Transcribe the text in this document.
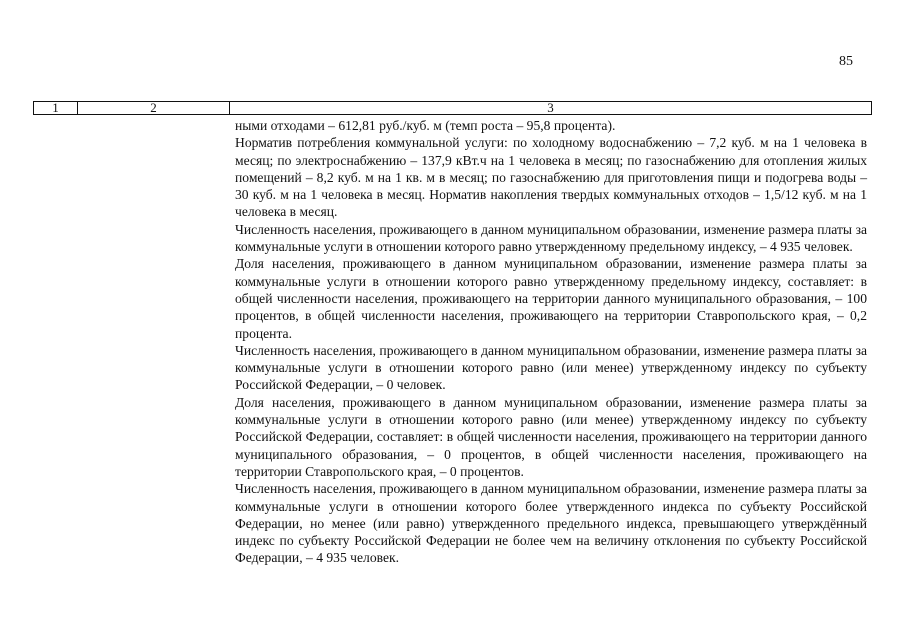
85
1	2	3

ными отходами – 612,81 руб./куб. м (темп роста – 95,8 процента).

Норматив потребления коммунальной услуги: по холодному водоснабжению – 7,2 куб. м на 1 человека в месяц; по электроснабжению – 137,9 кВт.ч на 1 человека в месяц; по газоснабжению для отопления жилых помещений – 8,2 куб. м на 1 кв. м в месяц; по газоснабжению для приготовления пищи и подогрева воды – 30 куб. м на 1 человека в месяц. Норматив накопления твердых коммунальных отходов – 1,5/12 куб. м на 1 человека в месяц.

Численность населения, проживающего в данном муниципальном образовании, изменение размера платы за коммунальные услуги в отношении которого равно утвержденному предельному индексу, – 4 935 человек.

Доля населения, проживающего в данном муниципальном образовании, изменение размера платы за коммунальные услуги в отношении которого равно утвержденному предельному индексу, составляет: в общей численности населения, проживающего на территории данного муниципального образования, – 100 процентов, в общей численности населения, проживающего на территории Ставропольского края, – 0,2 процента.

Численность населения, проживающего в данном муниципальном образовании, изменение размера платы за коммунальные услуги в отношении которого равно (или менее) утвержденному индексу по субъекту Российской Федерации, – 0 человек.

Доля населения, проживающего в данном муниципальном образовании, изменение размера платы за коммунальные услуги в отношении которого равно (или менее) утвержденному индексу по субъекту Российской Федерации, составляет: в общей численности населения, проживающего на территории данного муниципального образования, – 0 процентов, в общей численности населения, проживающего на территории Ставропольского края, – 0 процентов.

Численность населения, проживающего в данном муниципальном образовании, изменение размера платы за коммунальные услуги в отношении которого более утвержденного индекса по субъекту Российской Федерации, но менее (или равно) утвержденного предельного индекса, превышающего утверждённый индекс по субъекту Российской Федерации не более чем на величину отклонения по субъекту Российской Федерации, – 4 935 человек.
